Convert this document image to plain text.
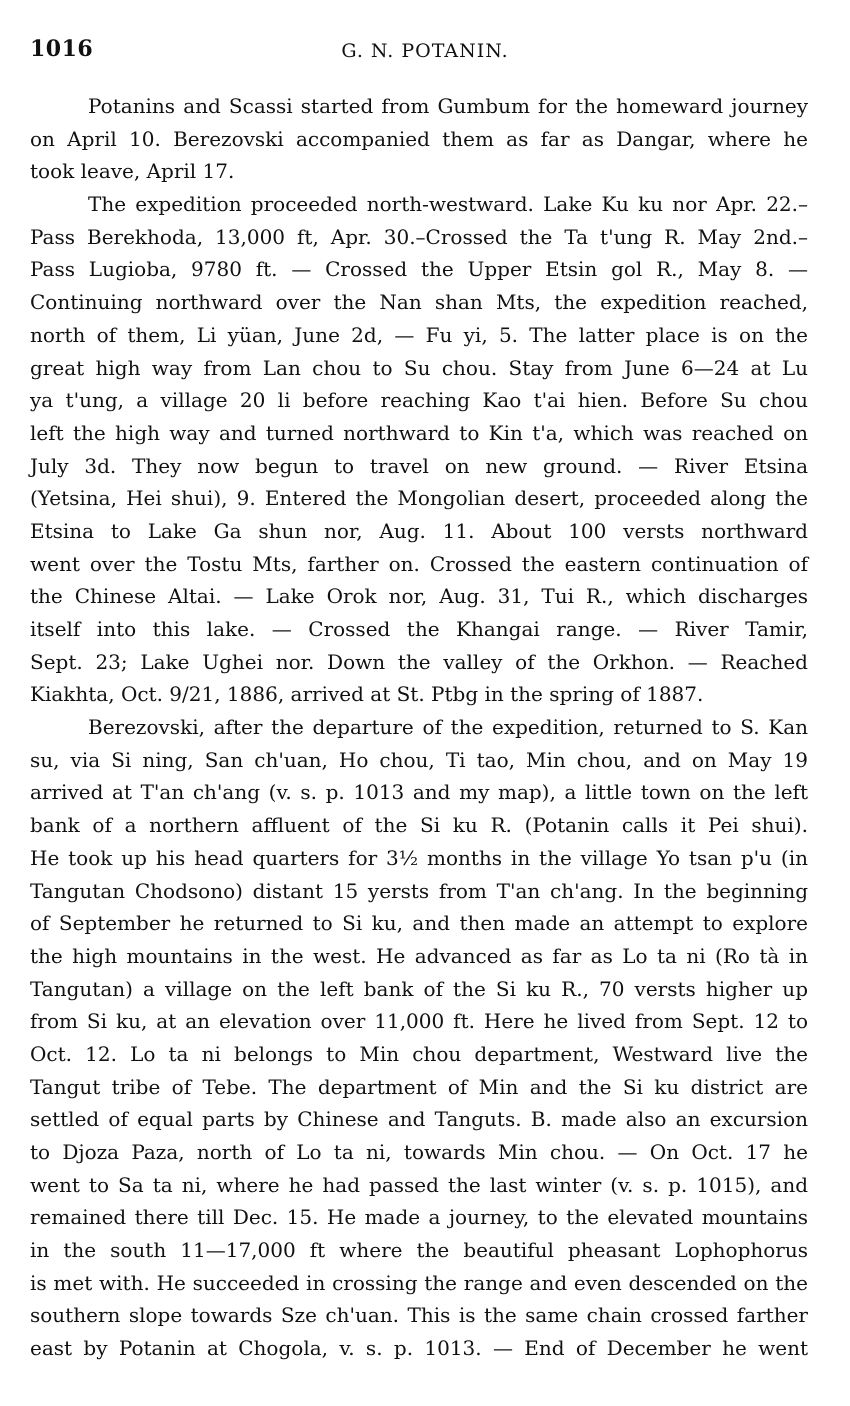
1016	G. N. POTANIN.
Potanins and Scassi started from Gumbum for the homeward journey
on April 10. Berezovski accompanied them as far as Dangar, where he
took leave, April 17.
The expedition proceeded north-westward. Lake Ku ku nor Apr. 22.–
Pass Berekhoda, 13,000 ft, Apr. 30.–Crossed the Ta t'ung R. May 2nd.–
Pass Lugioba, 9780 ft. — Crossed the Upper Etsin gol R., May 8. —
Continuing northward over the Nan shan Mts, the expedition reached,
north of them, Li yüan, June 2d, — Fu yi, 5. The latter place is on the
great high way from Lan chou to Su chou. Stay from June 6—24 at Lu
ya t'ung, a village 20 li before reaching Kao t'ai hien. Before Su chou
left the high way and turned northward to Kin t'a, which was reached on
July 3d. They now begun to travel on new ground. — River Etsina
(Yetsina, Hei shui), 9. Entered the Mongolian desert, proceeded along the
Etsina to Lake Ga shun nor, Aug. 11. About 100 versts northward
went over the Tostu Mts, farther on. Crossed the eastern continuation of
the Chinese Altai. — Lake Orok nor, Aug. 31, Tui R., which discharges
itself into this lake. — Crossed the Khangai range. — River Tamir,
Sept. 23; Lake Ughei nor. Down the valley of the Orkhon. — Reached
Kiakhta, Oct. 9/21, 1886, arrived at St. Ptbg in the spring of 1887.
Berezovski, after the departure of the expedition, returned to S. Kan
su, via Si ning, San ch'uan, Ho chou, Ti tao, Min chou, and on May 19
arrived at T'an ch'ang (v. s. p. 1013 and my map), a little town on the left
bank of a northern affluent of the Si ku R. (Potanin calls it Pei shui).
He took up his head quarters for 3½ months in the village Yo tsan p'u (in
Tangutan Chodsono) distant 15 yersts from T'an ch'ang. In the beginning
of September he returned to Si ku, and then made an attempt to explore
the high mountains in the west. He advanced as far as Lo ta ni (Ro tà in
Tangutan) a village on the left bank of the Si ku R., 70 versts higher up
from Si ku, at an elevation over 11,000 ft. Here he lived from Sept. 12 to
Oct. 12. Lo ta ni belongs to Min chou department, Westward live the
Tangut tribe of Tebe. The department of Min and the Si ku district are
settled of equal parts by Chinese and Tanguts. B. made also an excursion
to Djoza Paza, north of Lo ta ni, towards Min chou. — On Oct. 17 he
went to Sa ta ni, where he had passed the last winter (v. s. p. 1015), and
remained there till Dec. 15. He made a journey, to the elevated mountains
in the south 11—17,000 ft where the beautiful pheasant Lophophorus
is met with. He succeeded in crossing the range and even descended on the
southern slope towards Sze ch'uan. This is the same chain crossed farther
east by Potanin at Chogola, v. s. p. 1013. — End of December he went
